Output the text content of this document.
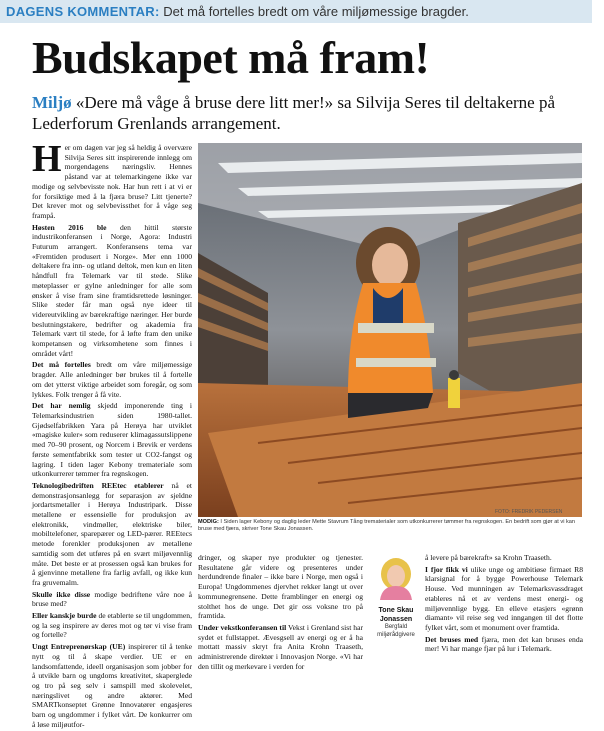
DAGENS KOMMENTAR: Det må fortelles bredt om våre miljømessige bragder.
Budskapet må fram!

Miljø «Dere må våge å bruse dere litt mer!» sa Silvija Seres til deltakerne på Lederforum Grenlands arrangement.

Her om dagen var jeg så heldig å overvære Silvija Seres sitt inspirerende innlegg om morgendagens næringsliv. Hennes påstand var at telemarkingene ikke var modige og selvbevisste nok. Har hun rett i at vi er for forsiktige med å la fjæra bruse? Litt tjenerte? Det krever mot og selvbevissthet for å våge seg frampå.

Høsten 2016 ble den hittil største industrikonferansen i Norge, Agora: Industri Futurum arrangert. Konferansens tema var «Fremtiden produsert i Norge». Mer enn 1000 deltakere fra inn- og utland deltok, men kun en liten håndfull fra Telemark var til stede. Slike møteplasser er gylne anledninger for alle som ønsker å vise fram sine framtidsrettede løsninger. Slike steder får man også nye ideer til videreutvikling av bærekraftige næringer. Her burde beslutningstakere, bedrifter og akademia fra Telemark vært til stede, for å løfte fram den unike kompetansen og virksomhetene som finnes i området vårt!

Det må fortelles bredt om våre miljømessige bragder. Alle anledninger bør brukes til å fortelle om det ytterst viktige arbeidet som foregår, og som lykkes. Folk trenger å få vite.

Det har nemlig skjedd imponerende ting i Telemarksindustrien siden 1980-tallet. Gjødselfabrikken Yara på Herøya har utviklet «magiske kuler» som reduserer klimagassutslippene med 70–90 prosent, og Norcem i Brevik er verdens første sementfabrikk som tester ut CO2-fangst og lagring. I tiden lager Kebony tremateriale som utkonkurrerer tømmer fra regnskogen.

Teknologibedriften REEtec etablerer nå et demonstrasjonsanlegg for separasjon av sjeldne jordartsmetaller i Herøya Industripark. Disse metallene er essensielle for produksjon av elektronikk, vindmøller, elektriske biler, mobiltelefoner, sparepærer og LED-pærer. REEtecs metode forenkler produksjonen av metallene samtidig som det utføres på en svært miljøvennlig måte. Det beste er at prosessen også kan brukes for å gjenvinne metallene fra farlig avfall, og ikke kun fra gruvemalm.

Skulle ikke disse modige bedriftene våre noe å bruse med?

Eller kanskje burde de etablerte se til ungdommen, og la seg inspirere av deres mot og tør vi vise fram og fortelle?

Ungt Entreprenørskap (UE) inspirerer til å tenke nytt og til å skape verdier. UE er en landsomfattende, ideell organisasjon som jobber for å utvikle barn og ungdoms kreativitet, skaperglede og tro på seg selv i samspill med skolevelet, næringslivet og andre aktører. Med SMARTkonseptet Grønne Innovatører engasjeres barn og ungdommer i fylket vårt. De konkurrer om å løse miljøutfor-

FOTO: FREDRIK PEDERSEN
MODIG: I Siden lager Kebony og daglig leder Mette Stavrum Tång trematerialer som utkonkurrerer tømmer fra regnskogen. En bedrift som gjør at vi kan bruse med fjæra, skriver Tone Skau Jonassen.

dringer, og skaper nye produkter og tjenester. Resultatene går videre og presenteres under herdundrende finaler – ikke bare i Norge, men også i Europa! Ungdommenes djervhet rekker langt ut over kommunegrensene. Dette framblinger en energi og stolthet hos de unge. Det gir oss voksne tro på framtida.

Under vekstkonferansen til Vekst i Grenland sist har sydet et fullstappet. Ævesgsell av energi og er å ha mottatt massiv skryt fra Anita Krohn Traaseth, administrerende direktør i Innovasjon Norge. «Vi har den tillit og merkevare i verden for

Tone Skau Jonassen
Bergfald miljørådgivere

å levere på bærekraft» sa Krohn Traaseth.

I fjor fikk vi ulike unge og ambitiøse firmaet R8 klarsignal for å bygge Powerhouse Telemark House. Ved munningen av Telemarksvassdraget etableres nå et av verdens mest energi- og miljøvennlige bygg. En elleve etasjers «grønn diamant» vil reise seg ved inngangen til det flotte fylket vårt, som et monument over framtida.

Det bruses med fjæra, men det kan bruses enda mer! Vi har mange fjær på lur i Telemark.
